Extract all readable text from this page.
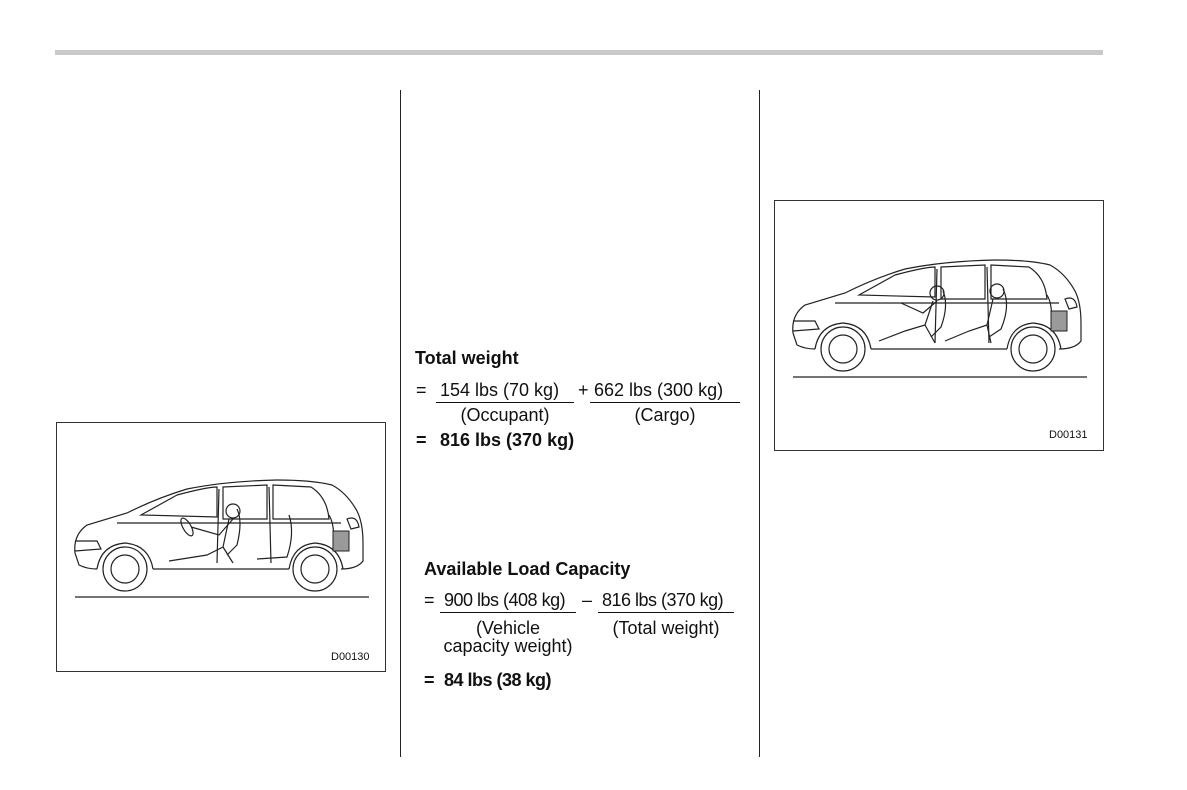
D00130
D00131
Total weight
= 154 lbs (70 kg) + 662 lbs (300 kg)
(Occupant)	(Cargo)
= 816 lbs (370 kg)
Available Load Capacity
= 900 lbs (408 kg) – 816 lbs (370 kg)
(Vehicle
capacity weight)
(Total weight)
= 84 lbs (38 kg)
